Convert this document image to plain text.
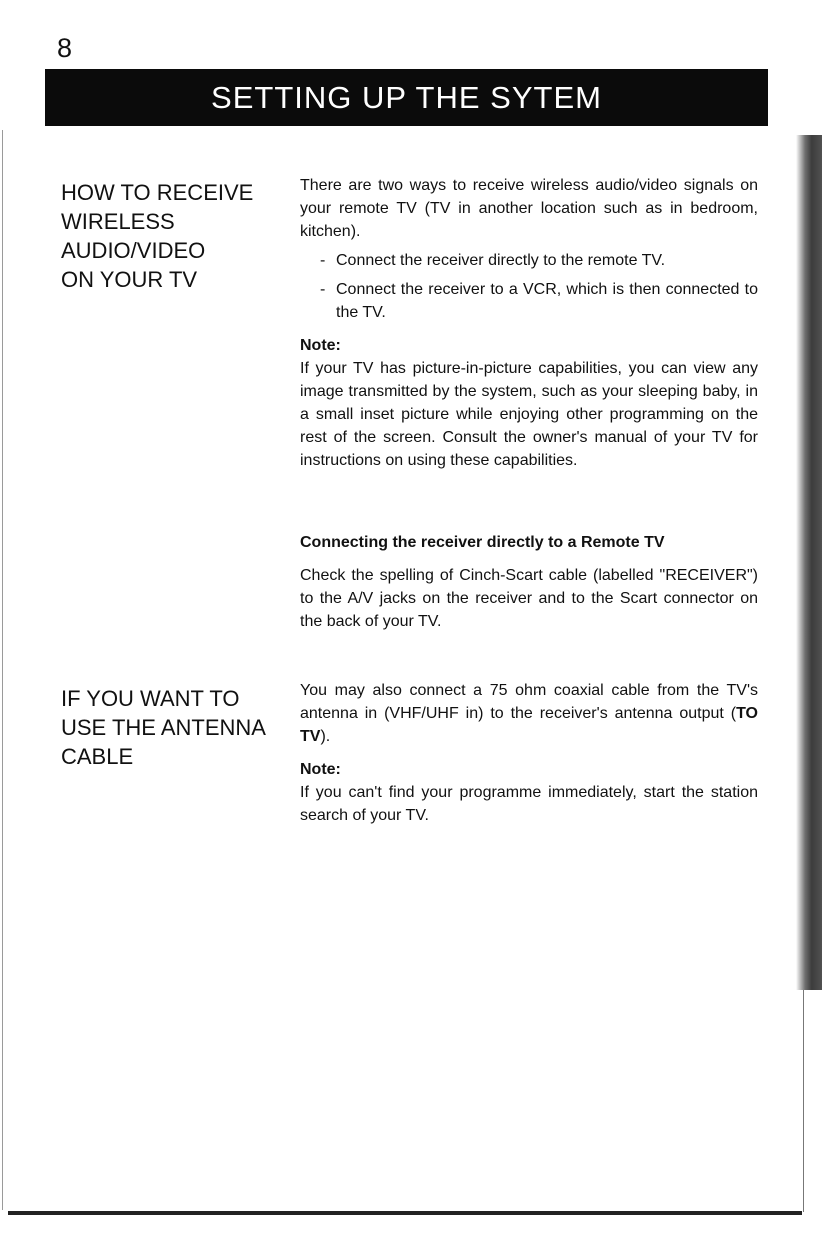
8
SETTING UP THE SYTEM
HOW TO RECEIVE
WIRELESS
AUDIO/VIDEO
ON YOUR TV

There are two ways to receive wireless audio/video signals on your remote TV (TV in another location such as in bedroom, kitchen).

- Connect the receiver directly to the remote TV.
- Connect the receiver to a VCR, which is then connected to the TV.

Note:

If your TV has picture-in-picture capabilities, you can view any image transmitted by the system, such as your sleeping baby, in a small inset picture while enjoying other programming on the rest of the screen. Consult the owner's manual of your TV for instructions on using these capabilities.

Connecting the receiver directly to a Remote TV

Check the spelling of Cinch-Scart cable (labelled "RECEIVER") to the A/V jacks on the receiver and to the Scart connector on the back of your TV.

IF YOU WANT TO
USE THE ANTENNA
CABLE

You may also connect a 75 ohm coaxial cable from the TV's antenna in (VHF/UHF in) to the receiver's antenna output (TO TV).

Note:

If you can't find your programme immediately, start the station search of your TV.
